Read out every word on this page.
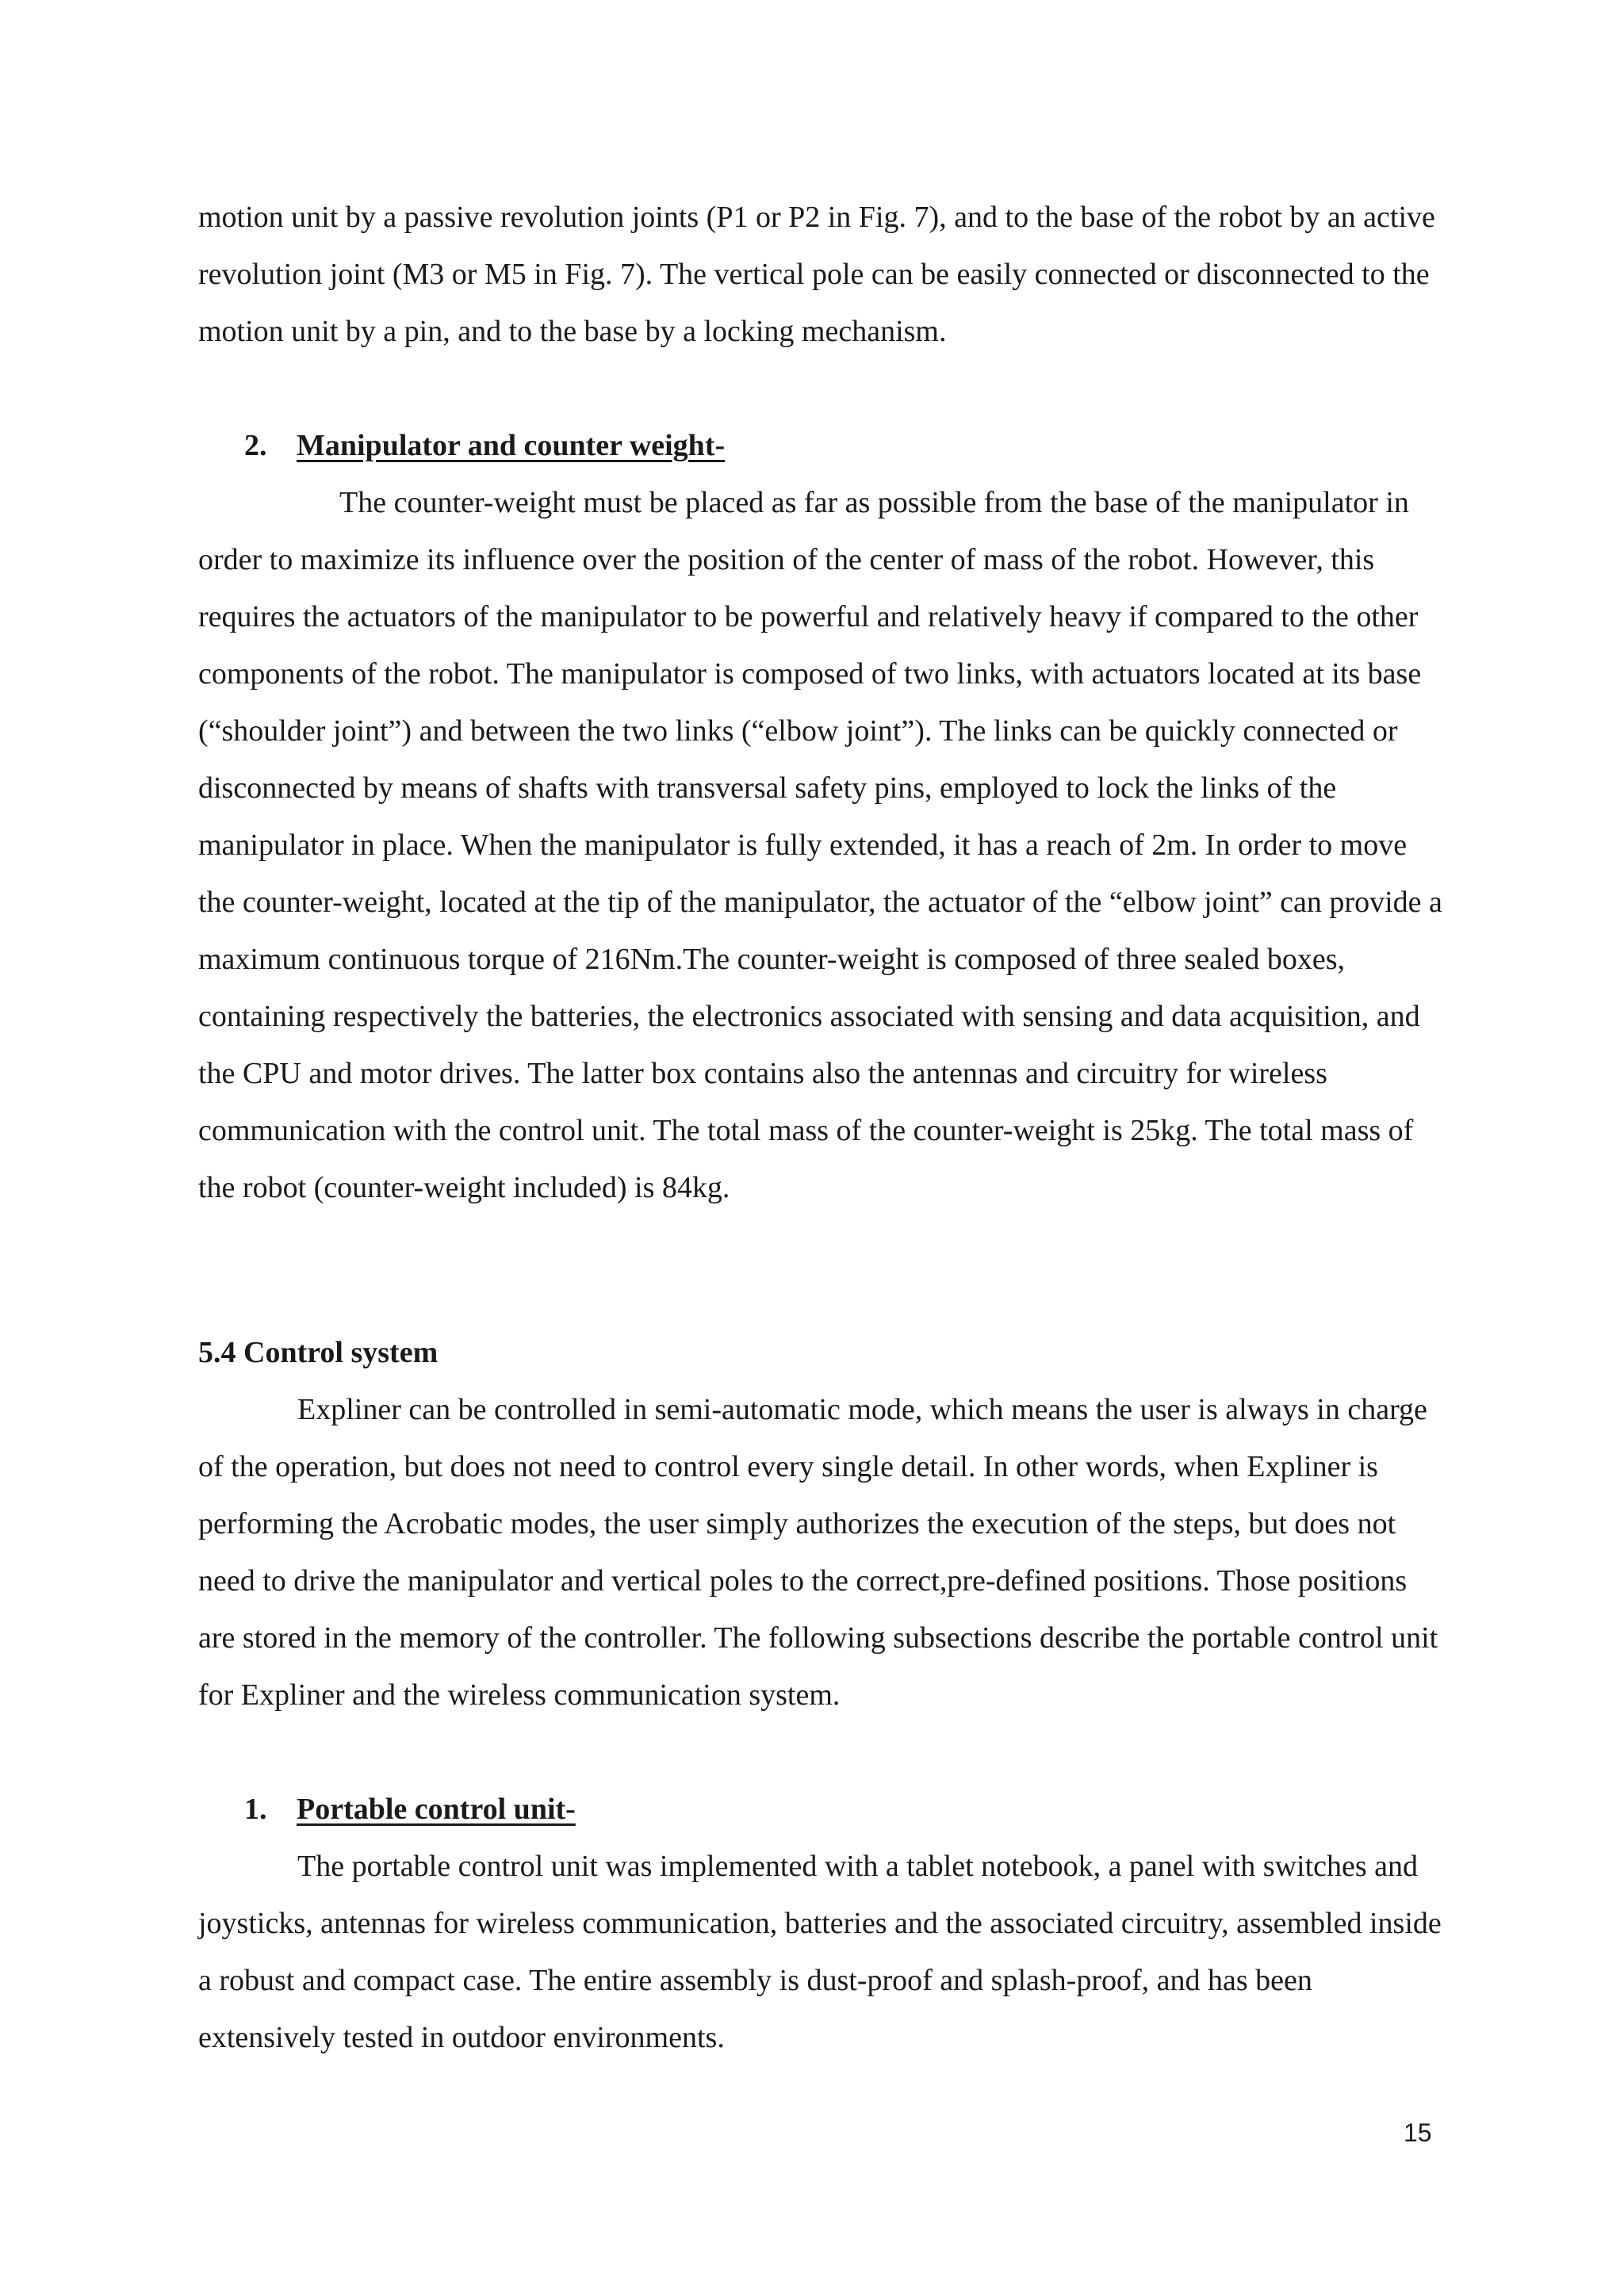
motion unit by a passive revolution joints (P1 or P2 in Fig. 7), and to the base of the robot by an active revolution joint (M3 or M5 in Fig. 7). The vertical pole can be easily connected or disconnected to the motion unit by a pin, and to the base by a locking mechanism.

2. Manipulator and counter weight-

The counter-weight must be placed as far as possible from the base of the manipulator in order to maximize its influence over the position of the center of mass of the robot. However, this requires the actuators of the manipulator to be powerful and relatively heavy if compared to the other components of the robot. The manipulator is composed of two links, with actuators located at its base (“shoulder joint”) and between the two links (“elbow joint”). The links can be quickly connected or disconnected by means of shafts with transversal safety pins, employed to lock the links of the manipulator in place. When the manipulator is fully extended, it has a reach of 2m. In order to move the counter-weight, located at the tip of the manipulator, the actuator of the “elbow joint” can provide a maximum continuous torque of 216Nm.The counter-weight is composed of three sealed boxes, containing respectively the batteries, the electronics associated with sensing and data acquisition, and the CPU and motor drives. The latter box contains also the antennas and circuitry for wireless communication with the control unit. The total mass of the counter-weight is 25kg. The total mass of the robot (counter-weight included) is 84kg.

5.4 Control system

Expliner can be controlled in semi-automatic mode, which means the user is always in charge of the operation, but does not need to control every single detail. In other words, when Expliner is performing the Acrobatic modes, the user simply authorizes the execution of the steps, but does not need to drive the manipulator and vertical poles to the correct,pre-defined positions. Those positions are stored in the memory of the controller. The following subsections describe the portable control unit for Expliner and the wireless communication system.

1. Portable control unit-

The portable control unit was implemented with a tablet notebook, a panel with switches and joysticks, antennas for wireless communication, batteries and the associated circuitry, assembled inside a robust and compact case. The entire assembly is dust-proof and splash-proof, and has been extensively tested in outdoor environments.

15
